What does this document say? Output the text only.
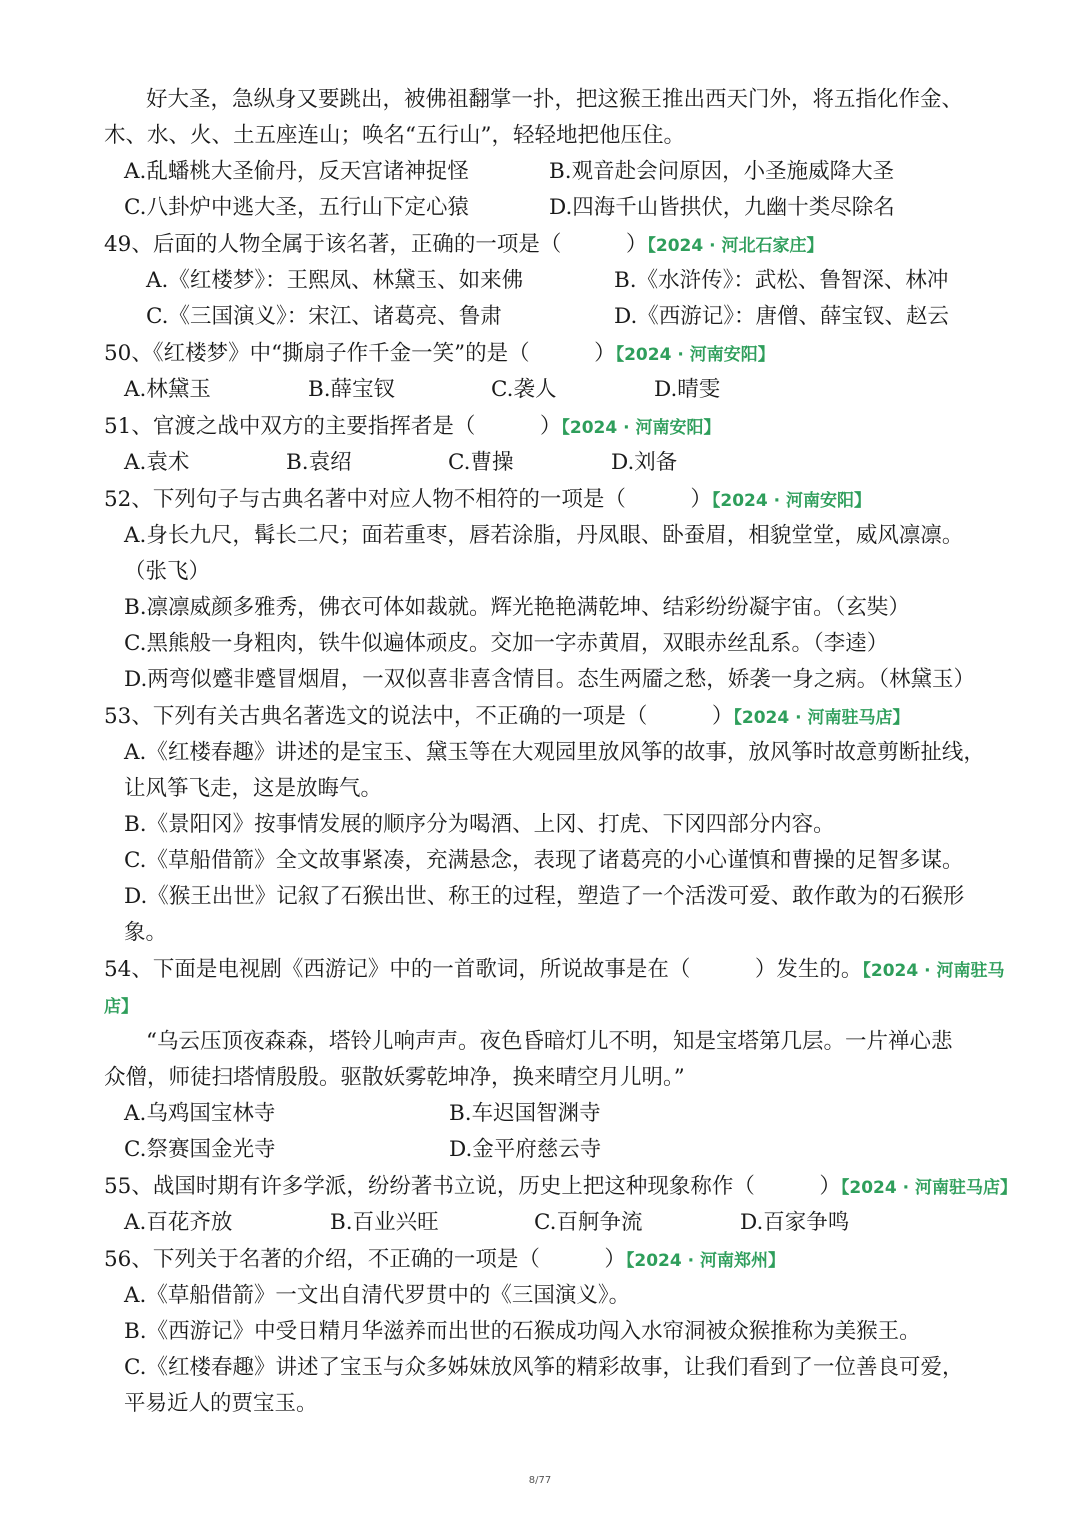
好大圣，急纵身又要跳出，被佛祖翻掌一扑，把这猴王推出西天门外，将五指化作金、
木、水、火、土五座连山；唤名“五行山”，轻轻地把他压住。
A.乱蟠桃大圣偷丹，反天宫诸神捉怪	B.观音赴会问原因，小圣施威降大圣
C.八卦炉中逃大圣，五行山下定心猿	D.四海千山皆拱伏，九幽十类尽除名
49、后面的人物全属于该名著，正确的一项是（　　　）【2024 · 河北石家庄】
A.《红楼梦》：王熙凤、林黛玉、如来佛	B.《水浒传》：武松、鲁智深、林冲
C.《三国演义》：宋江、诸葛亮、鲁肃	D.《西游记》：唐僧、薛宝钗、赵云
50、《红楼梦》中“撕扇子作千金一笑”的是（　　　）【2024 · 河南安阳】
A.林黛玉	B.薛宝钗	C.袭人	D.晴雯
51、官渡之战中双方的主要指挥者是（　　　）【2024 · 河南安阳】
A.袁术	B.袁绍	C.曹操	D.刘备
52、下列句子与古典名著中对应人物不相符的一项是（　　　）【2024 · 河南安阳】
A.身长九尺，髯长二尺；面若重枣，唇若涂脂，丹凤眼、卧蚕眉，相貌堂堂，威风凛凛。
（张飞）
B.凛凛威颜多雅秀，佛衣可体如裁就。辉光艳艳满乾坤、结彩纷纷凝宇宙。（玄奘）
C.黑熊般一身粗肉，铁牛似遍体顽皮。交加一字赤黄眉，双眼赤丝乱系。（李逵）
D.两弯似蹙非蹙冒烟眉，一双似喜非喜含情目。态生两靥之愁，娇袭一身之病。（林黛玉）
53、下列有关古典名著选文的说法中，不正确的一项是（　　　）【2024 · 河南驻马店】
A.《红楼春趣》讲述的是宝玉、黛玉等在大观园里放风筝的故事，放风筝时故意剪断扯线，
让风筝飞走，这是放晦气。
B.《景阳冈》按事情发展的顺序分为喝酒、上冈、打虎、下冈四部分内容。
C.《草船借箭》全文故事紧凑，充满悬念，表现了诸葛亮的小心谨慎和曹操的足智多谋。
D.《猴王出世》记叙了石猴出世、称王的过程，塑造了一个活泼可爱、敢作敢为的石猴形
象。
54、下面是电视剧《西游记》中的一首歌词，所说故事是在（　　　）发生的。【2024 · 河南驻马
店】
“乌云压顶夜森森，塔铃儿响声声。夜色昏暗灯儿不明，知是宝塔第几层。一片禅心悲
众僧，师徒扫塔情殷殷。驱散妖雾乾坤净，换来晴空月儿明。”
A.乌鸡国宝林寺	B.车迟国智渊寺
C.祭赛国金光寺	D.金平府慈云寺
55、战国时期有许多学派，纷纷著书立说，历史上把这种现象称作（　　　）【2024 · 河南驻马店】
A.百花齐放	B.百业兴旺	C.百舸争流	D.百家争鸣
56、下列关于名著的介绍，不正确的一项是（　　　）【2024 · 河南郑州】
A.《草船借箭》一文出自清代罗贯中的《三国演义》。
B.《西游记》中受日精月华滋养而出世的石猴成功闯入水帘洞被众猴推称为美猴王。
C.《红楼春趣》讲述了宝玉与众多姊妹放风筝的精彩故事，让我们看到了一位善良可爱，
平易近人的贾宝玉。
8/77
